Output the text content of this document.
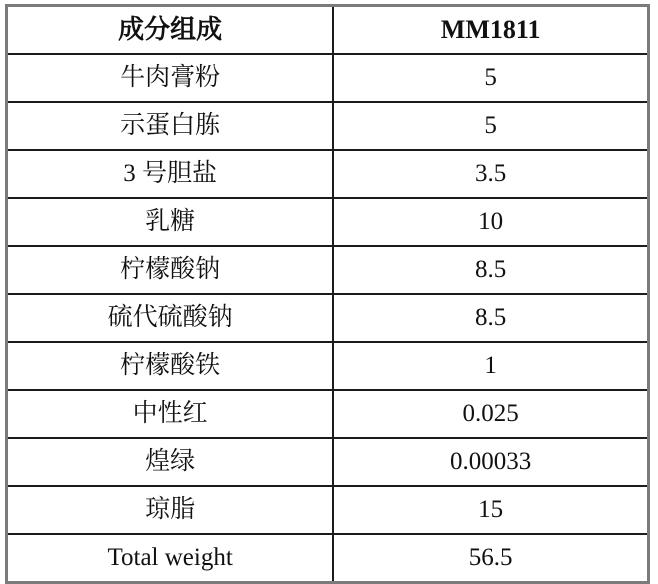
成分组成	MM1811
牛肉膏粉	5
示蛋白胨	5
3 号胆盐	3.5
乳糖	10
柠檬酸钠	8.5
硫代硫酸钠	8.5
柠檬酸铁	1
中性红	0.025
煌绿	0.00033
琼脂	15
Total weight	56.5
